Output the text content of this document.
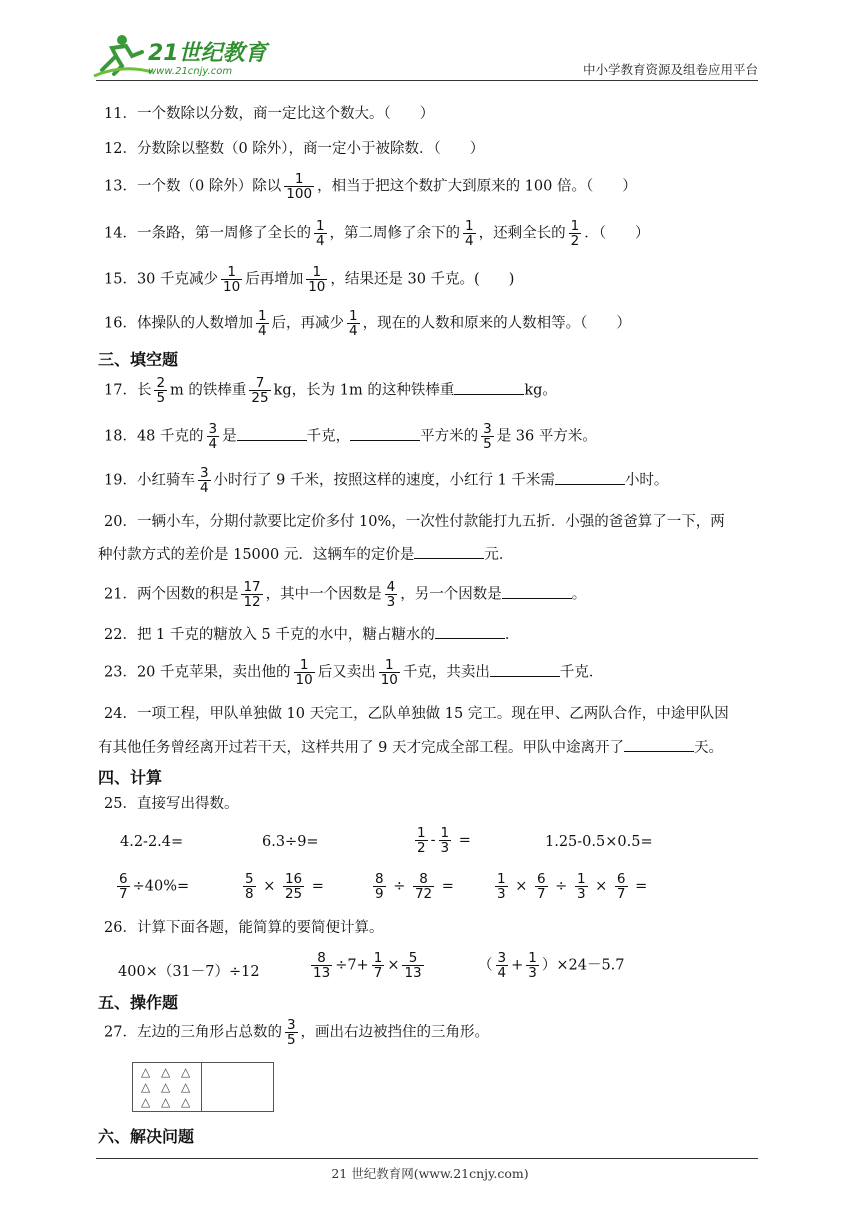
21世纪教育
www.21cnjy.com	中小学教育资源及组卷应用平台
11．一个数除以分数，商一定比这个数大。（　　）
12．分数除以整数（0 除外），商一定小于被除数．（　　）
13．一个数（0 除外）除以 $\frac{1}{100}$ ，相当于把这个数扩大到原来的 100 倍。（　　）
14．一条路，第一周修了全长的 $\frac{1}{4}$ ，第二周修了余下的 $\frac{1}{4}$ ，还剩全长的 $\frac{1}{2}$ ．（　　）
15．30 千克减少 $\frac{1}{10}$ 后再增加 $\frac{1}{10}$ ，结果还是 30 千克。(　　)
16．体操队的人数增加 $\frac{1}{4}$ 后，再减少 $\frac{1}{4}$ ，现在的人数和原来的人数相等。（　　）
三、填空题
17．长 $\frac{2}{5}$ m 的铁棒重 $\frac{7}{25}$ kg，长为 1m 的这种铁棒重	kg。
18．48 千克的 $\frac{3}{4}$ 是	千克，	平方米的 $\frac{3}{5}$ 是 36 平方米。
19．小红骑车 $\frac{3}{4}$ 小时行了 9 千米，按照这样的速度，小红行 1 千米需	小时。
20．一辆小车，分期付款要比定价多付 10%，一次性付款能打九五折．小强的爸爸算了一下，两
种付款方式的差价是 15000 元．这辆车的定价是	元．
21．两个因数的积是 $\frac{17}{12}$ ，其中一个因数是 $\frac{4}{3}$ ，另一个因数是	。
22．把 1 千克的糖放入 5 千克的水中，糖占糖水的	．
23．20 千克苹果，卖出他的 $\frac{1}{10}$ 后又卖出 $\frac{1}{10}$ 千克，共卖出	千克．
24．一项工程，甲队单独做 10 天完工，乙队单独做 15 完工。现在甲、乙两队合作，中途甲队因
有其他任务曾经离开过若干天，这样共用了 9 天才完成全部工程。甲队中途离开了	天。
四、计算
25．直接写出得数。
4.2-2.4=	6.3÷9=	$\frac{1}{2} - \frac{1}{3}$ =	1.25-0.5×0.5=
$\frac{6}{7} \div 40\%=$	$\frac{5}{8} \times \frac{16}{25}$ =	$\frac{8}{9} \div \frac{8}{72}$ =	$\frac{1}{3} \times \frac{6}{7} \div \frac{1}{3} \times \frac{6}{7}$ =
26．计算下面各题，能简算的要简便计算。
400×（31－7）÷12	$\frac{8}{13} \div 7+ \frac{1}{7} \times \frac{5}{13}$	（ $\frac{3}{4} + \frac{1}{3} )\times 24-5.7$
五、操作题
27．左边的三角形占总数的 $\frac{3}{5}$ ，画出右边被挡住的三角形。
△ △ △
△ △ △
△ △ △
六、解决问题
21 世纪教育网(www.21cnjy.com)
